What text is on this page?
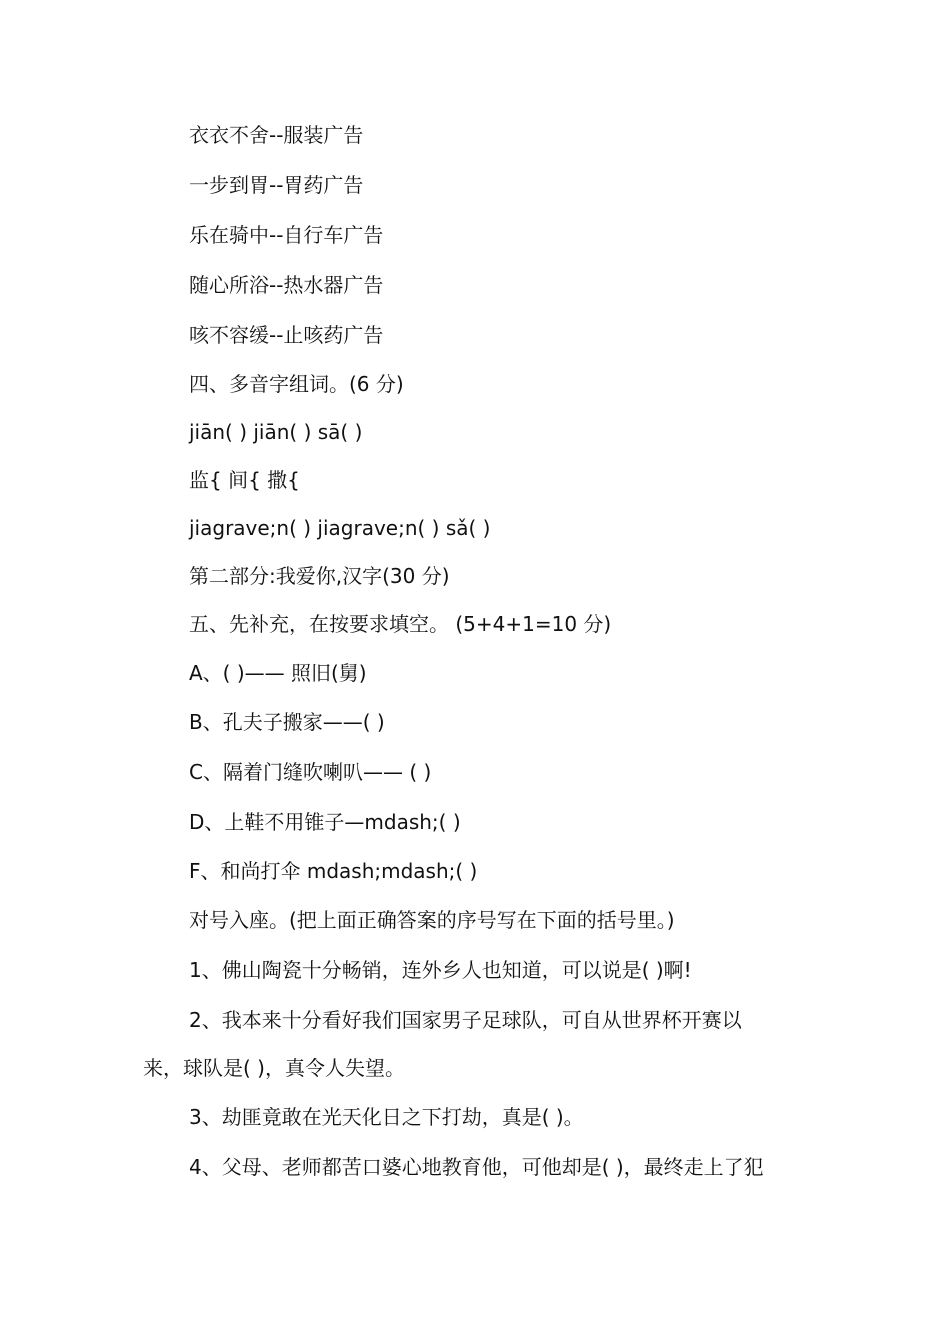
衣衣不舍--服装广告
一步到胃--胃药广告
乐在骑中--自行车广告
随心所浴--热水器广告
咳不容缓--止咳药广告
四、多音字组词。(6 分)
jiān( ) jiān( ) sā( )
监{ 间{ 撒{
jiagrave;n( ) jiagrave;n( ) sǎ( )
第二部分:我爱你,汉字(30 分)
五、先补充，在按要求填空。 (5+4+1=10 分)
A、( )—— 照旧(舅)
B、孔夫子搬家——( )
C、隔着门缝吹喇叭—— ( )
D、上鞋不用锥子—mdash;( )
F、和尚打伞 mdash;mdash;( )
对号入座。(把上面正确答案的序号写在下面的括号里。)
1、佛山陶瓷十分畅销，连外乡人也知道，可以说是( )啊!
2、我本来十分看好我们国家男子足球队，可自从世界杯开赛以
来，球队是( )，真令人失望。
3、劫匪竟敢在光天化日之下打劫，真是( )。
4、父母、老师都苦口婆心地教育他，可他却是( )，最终走上了犯
